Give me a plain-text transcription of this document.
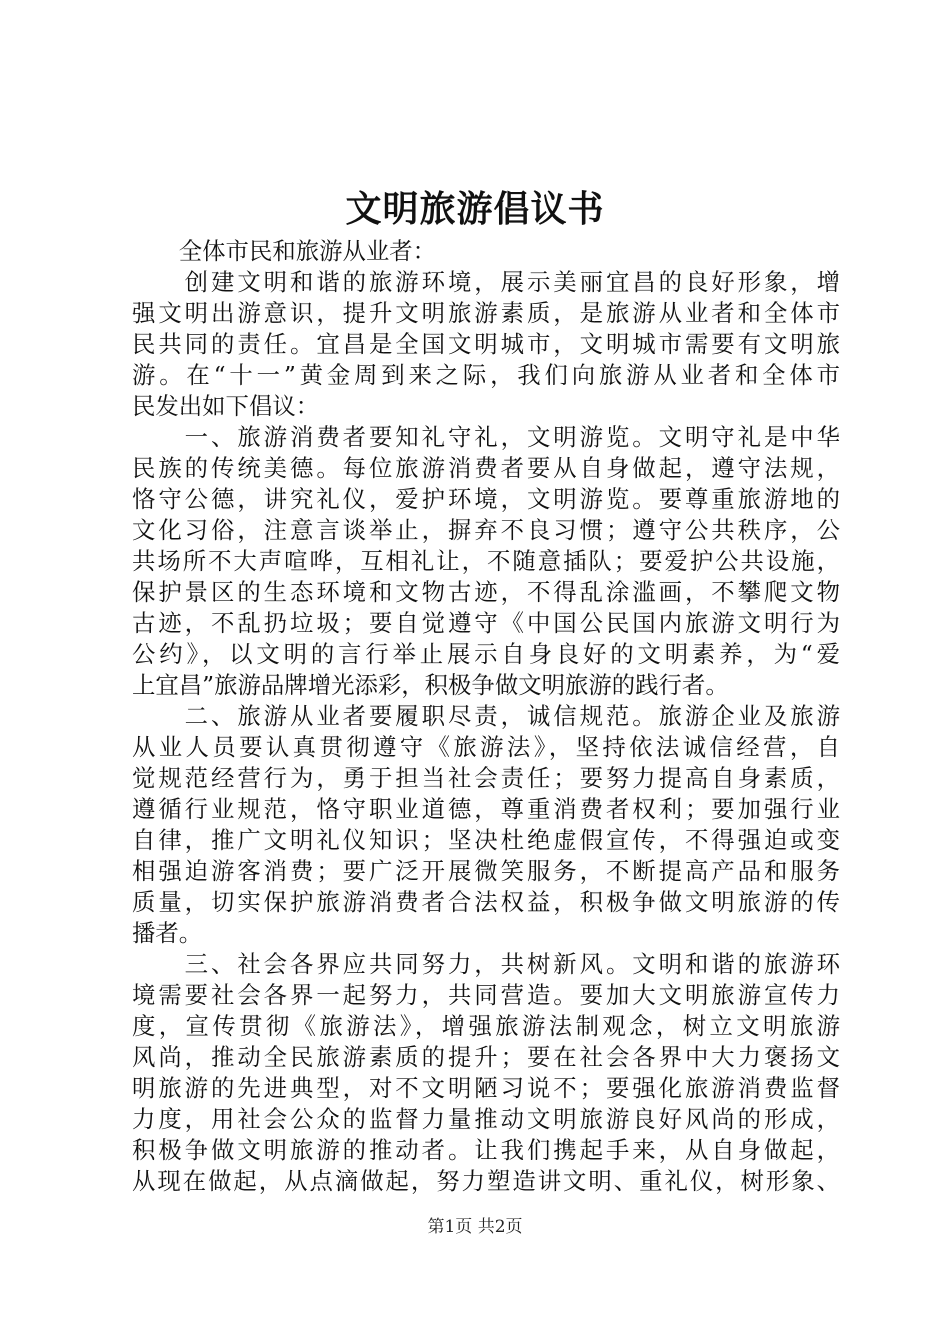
文明旅游倡议书
　　全体市民和旅游从业者：
　　创建文明和谐的旅游环境，展示美丽宜昌的良好形象，增
强文明出游意识，提升文明旅游素质，是旅游从业者和全体市
民共同的责任。宜昌是全国文明城市，文明城市需要有文明旅
游。在“十一”黄金周到来之际，我们向旅游从业者和全体市
民发出如下倡议：
　　一、旅游消费者要知礼守礼，文明游览。文明守礼是中华
民族的传统美德。每位旅游消费者要从自身做起，遵守法规，
恪守公德，讲究礼仪，爱护环境，文明游览。要尊重旅游地的
文化习俗，注意言谈举止，摒弃不良习惯；遵守公共秩序，公
共场所不大声喧哗，互相礼让，不随意插队；要爱护公共设施，
保护景区的生态环境和文物古迹，不得乱涂滥画，不攀爬文物
古迹，不乱扔垃圾；要自觉遵守《中国公民国内旅游文明行为
公约》，以文明的言行举止展示自身良好的文明素养，为“爱
上宜昌”旅游品牌增光添彩，积极争做文明旅游的践行者。
　　二、旅游从业者要履职尽责，诚信规范。旅游企业及旅游
从业人员要认真贯彻遵守《旅游法》，坚持依法诚信经营，自
觉规范经营行为，勇于担当社会责任；要努力提高自身素质，
遵循行业规范，恪守职业道德，尊重消费者权利；要加强行业
自律，推广文明礼仪知识；坚决杜绝虚假宣传，不得强迫或变
相强迫游客消费；要广泛开展微笑服务，不断提高产品和服务
质量，切实保护旅游消费者合法权益，积极争做文明旅游的传
播者。
　　三、社会各界应共同努力，共树新风。文明和谐的旅游环
境需要社会各界一起努力，共同营造。要加大文明旅游宣传力
度，宣传贯彻《旅游法》，增强旅游法制观念，树立文明旅游
风尚，推动全民旅游素质的提升；要在社会各界中大力褒扬文
明旅游的先进典型，对不文明陋习说不；要强化旅游消费监督
力度，用社会公众的监督力量推动文明旅游良好风尚的形成，
积极争做文明旅游的推动者。让我们携起手来，从自身做起，
从现在做起，从点滴做起，努力塑造讲文明、重礼仪，树形象、
第1页 共2页
